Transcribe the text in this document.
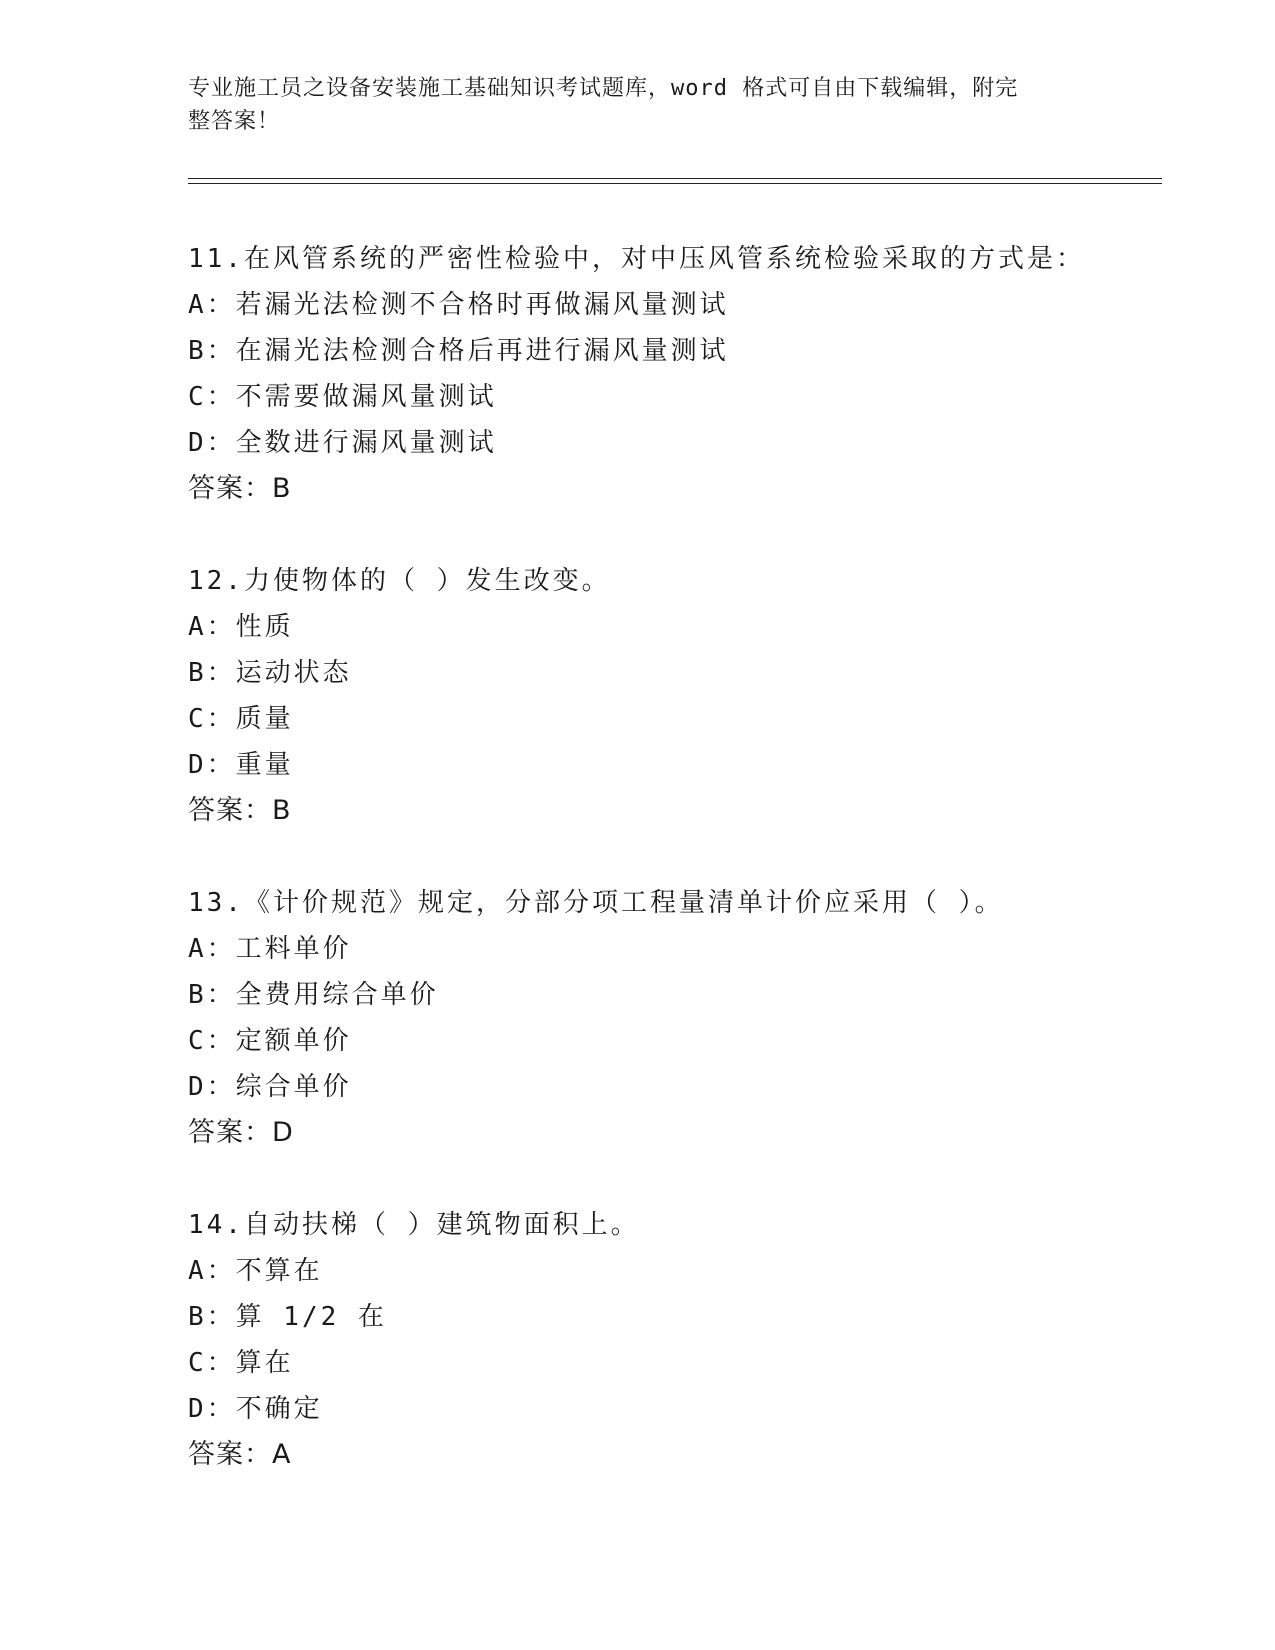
专业施工员之设备安装施工基础知识考试题库，word 格式可自由下载编辑，附完
整答案！
11.在风管系统的严密性检验中，对中压风管系统检验采取的方式是：
A：若漏光法检测不合格时再做漏风量测试
B：在漏光法检测合格后再进行漏风量测试
C：不需要做漏风量测试
D：全数进行漏风量测试
答案：B
12.力使物体的（ ）发生改变。
A：性质
B：运动状态
C：质量
D：重量
答案：B
13.《计价规范》规定，分部分项工程量清单计价应采用（ ）。
A：工料单价
B：全费用综合单价
C：定额单价
D：综合单价
答案：D
14.自动扶梯（ ）建筑物面积上。
A：不算在
B：算 1/2 在
C：算在
D：不确定
答案：A
